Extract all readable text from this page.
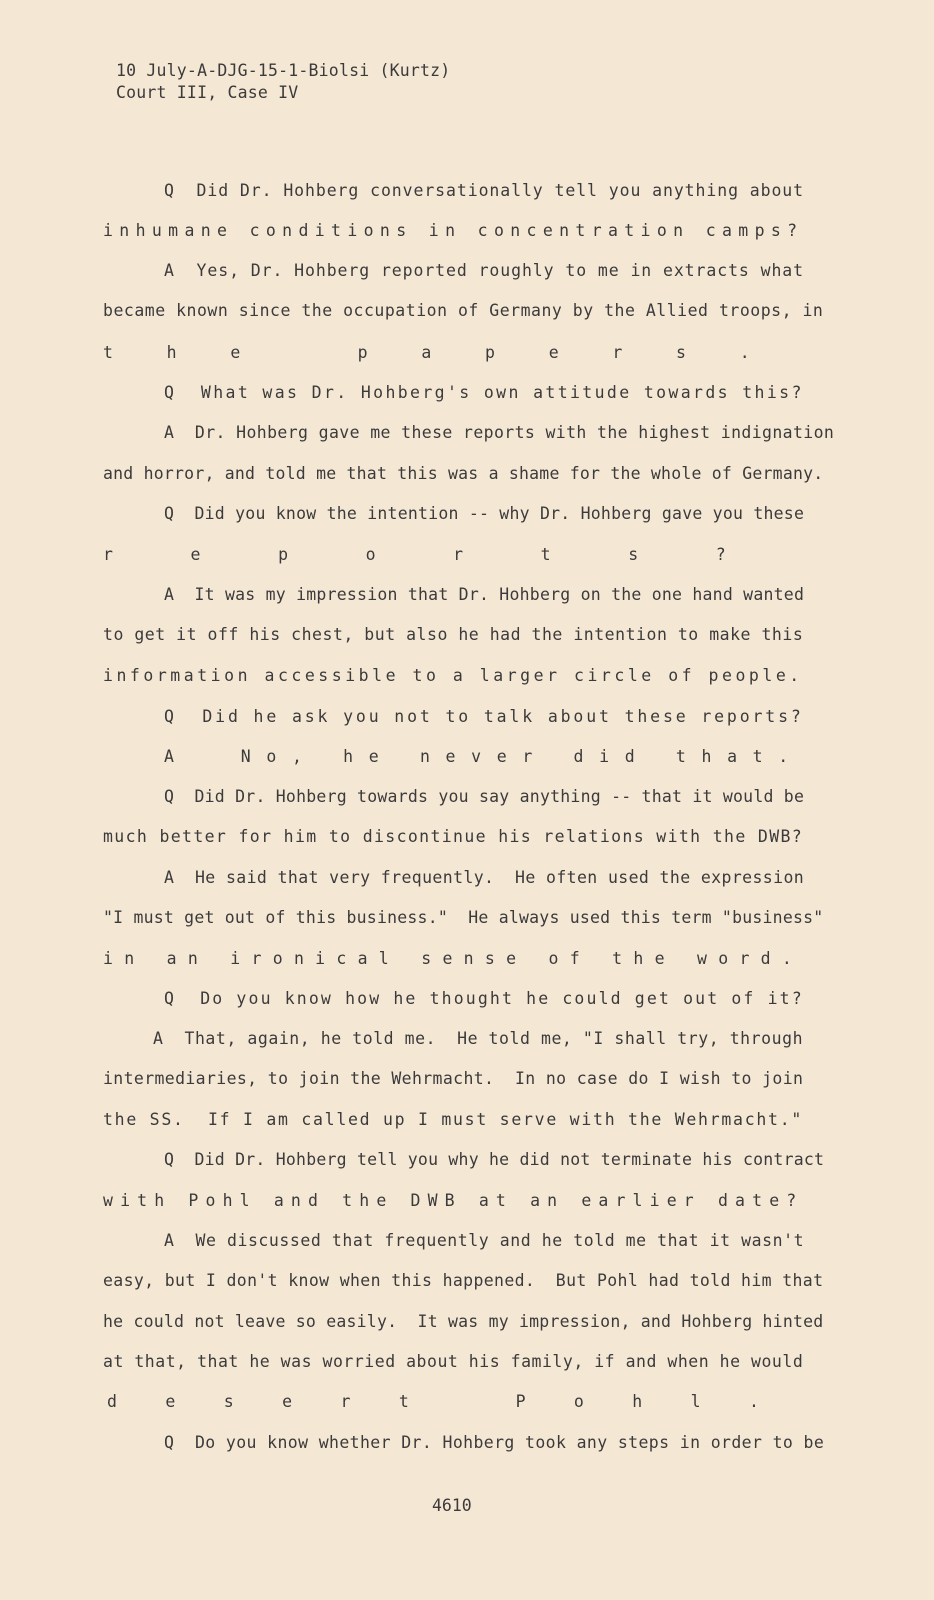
10 July-A-DJG-15-1-Biolsi (Kurtz)
Court III, Case IV
Q  Did Dr. Hohberg conversationally tell you anything about
inhumane conditions in concentration camps?
A  Yes, Dr. Hohberg reported roughly to me in extracts what
became known since the occupation of Germany by the Allied troops, in
the papers.
Q  What was Dr. Hohberg's own attitude towards this?
A  Dr. Hohberg gave me these reports with the highest indignation
and horror, and told me that this was a shame for the whole of Germany.
Q  Did you know the intention -- why Dr. Hohberg gave you these
reports?
A  It was my impression that Dr. Hohberg on the one hand wanted
to get it off his chest, but also he had the intention to make this
information accessible to a larger circle of people.
Q  Did he ask you not to talk about these reports?
A  No, he never did that.
Q  Did Dr. Hohberg towards you say anything -- that it would be
much better for him to discontinue his relations with the DWB?
A  He said that very frequently.  He often used the expression
"I must get out of this business."  He always used this term "business"
in an ironical sense of the word.
Q  Do you know how he thought he could get out of it?
A  That, again, he told me.  He told me, "I shall try, through
intermediaries, to join the Wehrmacht.  In no case do I wish to join
the SS.  If I am called up I must serve with the Wehrmacht."
Q  Did Dr. Hohberg tell you why he did not terminate his contract
with Pohl and the DWB at an earlier date?
A  We discussed that frequently and he told me that it wasn't
easy, but I don't know when this happened.  But Pohl had told him that
he could not leave so easily.  It was my impression, and Hohberg hinted
at that, that he was worried about his family, if and when he would
desert Pohl.
Q  Do you know whether Dr. Hohberg took any steps in order to be
4610
